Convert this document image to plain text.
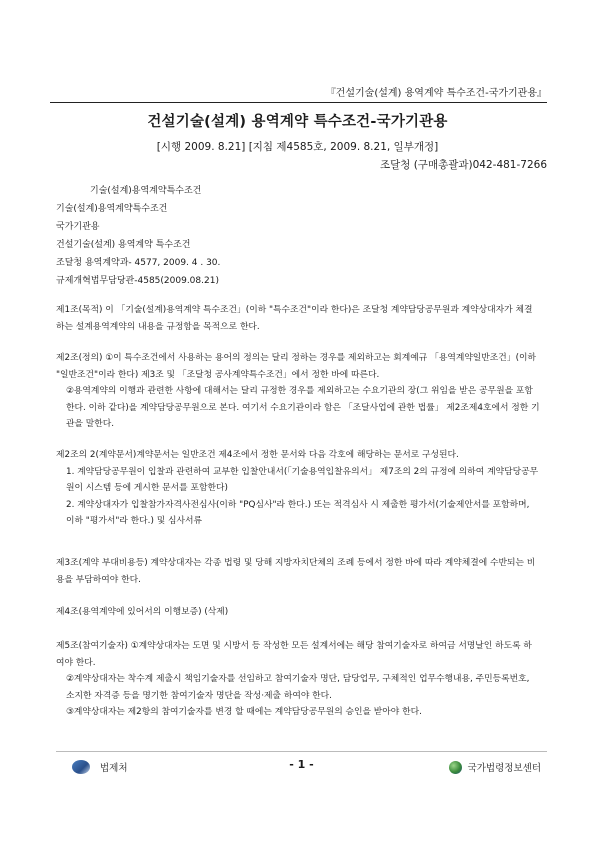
『건설기술(설계) 용역계약 특수조건-국가기관용』
건설기술(설계) 용역계약 특수조건-국가기관용
[시행 2009. 8.21] [지침 제4585호, 2009. 8.21, 일부개정]
조달청 (구매총괄과)042-481-7266
기술(설계)용역계약특수조건
기술(설계)용역계약특수조건
국가기관용
건설기술(설계) 용역계약 특수조건
조달청 용역계약과- 4577, 2009. 4 . 30.
규제개혁법무담당관-4585(2009.08.21)
제1조(목적) 이 「기술(설계)용역계약 특수조건」(이하 "특수조건"이라 한다)은 조달청 계약담당공무원과 계약상대자가 체결하는 설계용역계약의 내용을 규정함을 목적으로 한다.
제2조(정의) ①이 특수조건에서 사용하는 용어의 정의는 달리 정하는 경우를 제외하고는 회계예규 「용역계약일반조건」(이하 "일반조건"이라 한다) 제3조 및 「조달청 공사계약특수조건」에서 정한 바에 따른다.
②용역계약의 이행과 관련한 사항에 대해서는 달리 규정한 경우를 제외하고는 수요기관의 장(그 위임을 받은 공무원을 포함한다. 이하 같다)을 계약담당공무원으로 본다. 여기서 수요기관이라 함은 「조달사업에 관한 법률」 제2조제4호에서 정한 기관을 말한다.
제2조의 2(계약문서)계약문서는 일반조건 제4조에서 정한 문서와 다음 각호에 해당하는 문서로 구성된다.
1. 계약담당공무원이 입찰과 관련하여 교부한 입찰안내서(「기술용역입찰유의서」 제7조의 2의 규정에 의하여 계약담당공무원이 시스템 등에 게시한 문서를 포함한다)
2. 계약상대자가 입찰참가자격사전심사(이하 "PQ심사"라 한다.) 또는 적격심사 시 제출한 평가서(기술제안서를 포함하며, 이하 "평가서"라 한다.) 및 심사서류
제3조(계약 부대비용등) 계약상대자는 각종 법령 및 당해 지방자치단체의 조례 등에서 정한 바에 따라 계약체결에 수반되는 비용을 부담하여야 한다.
제4조(용역계약에 있어서의 이행보증) (삭제)
제5조(참여기술자) ①계약상대자는 도면 및 시방서 등 작성한 모든 설계서에는 해당 참여기술자로 하여금 서명날인 하도록 하여야 한다.
②계약상대자는 착수계 제출시 책임기술자를 선임하고 참여기술자 명단, 담당업무, 구체적인 업무수행내용, 주민등록번호, 소지한 자격증 등을 명기한 참여기술자 명단을 작성·제출 하여야 한다.
③계약상대자는 제2항의 참여기술자를 변경 할 때에는 계약담당공무원의 승인을 받아야 한다.
법제처	- 1 -	국가법령정보센터
